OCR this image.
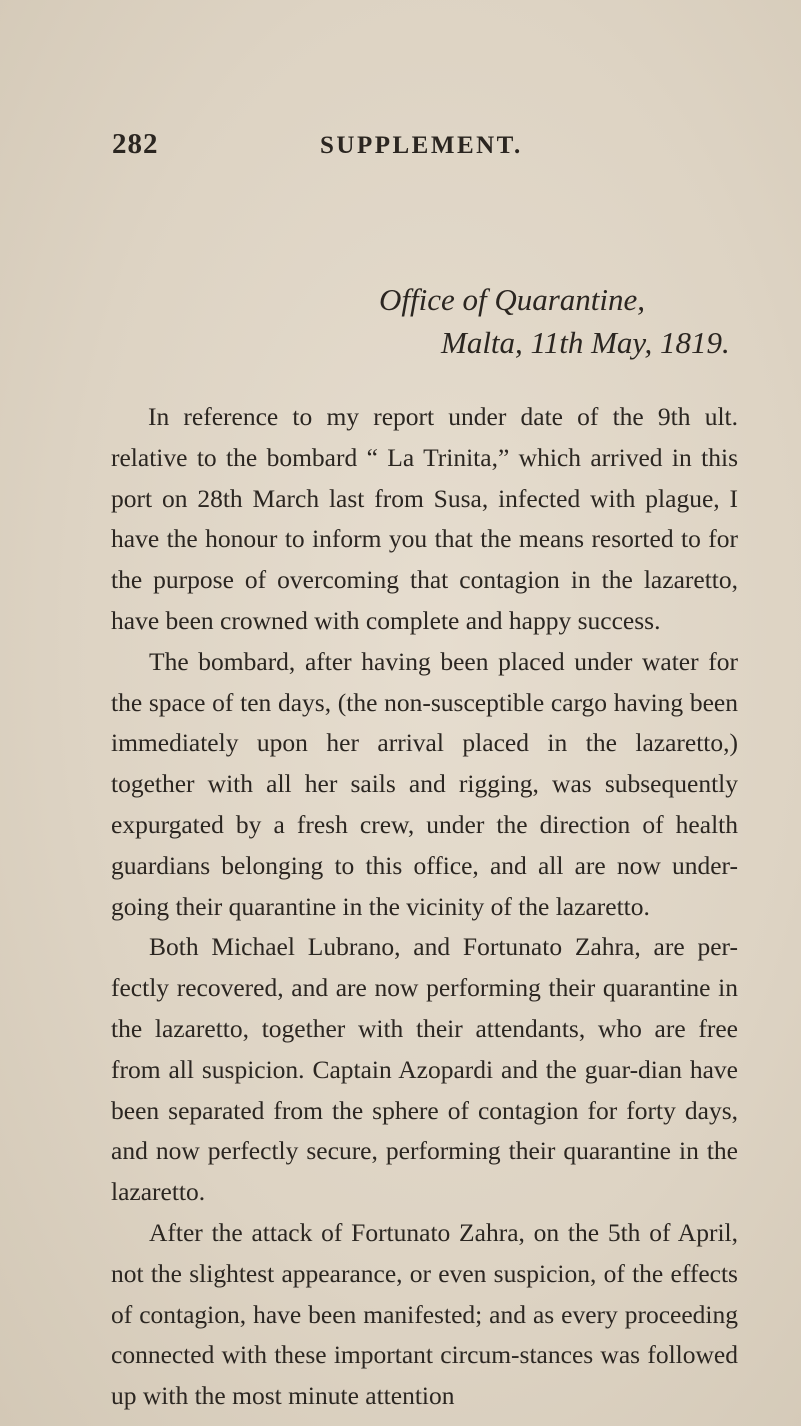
282	SUPPLEMENT.
Office of Quarantine,
Malta, 11th May, 1819.

In reference to my report under date of the 9th ult. relative to the bombard “ La Trinita,” which arrived in this port on 28th March last from Susa, infected with plague, I have the honour to inform you that the means resorted to for the purpose of overcoming that contagion in the lazaretto, have been crowned with complete and happy success.

The bombard, after having been placed under water for the space of ten days, (the non-susceptible cargo having been immediately upon her arrival placed in the lazaretto,) together with all her sails and rigging, was subsequently expurgated by a fresh crew, under the direction of health guardians belonging to this office, and all are now under-going their quarantine in the vicinity of the lazaretto.

Both Michael Lubrano, and Fortunato Zahra, are per-fectly recovered, and are now performing their quarantine in the lazaretto, together with their attendants, who are free from all suspicion. Captain Azopardi and the guar-dian have been separated from the sphere of contagion for forty days, and now perfectly secure, performing their quarantine in the lazaretto.

After the attack of Fortunato Zahra, on the 5th of April, not the slightest appearance, or even suspicion, of the effects of contagion, have been manifested; and as every proceeding connected with these important circum-stances was followed up with the most minute attention
